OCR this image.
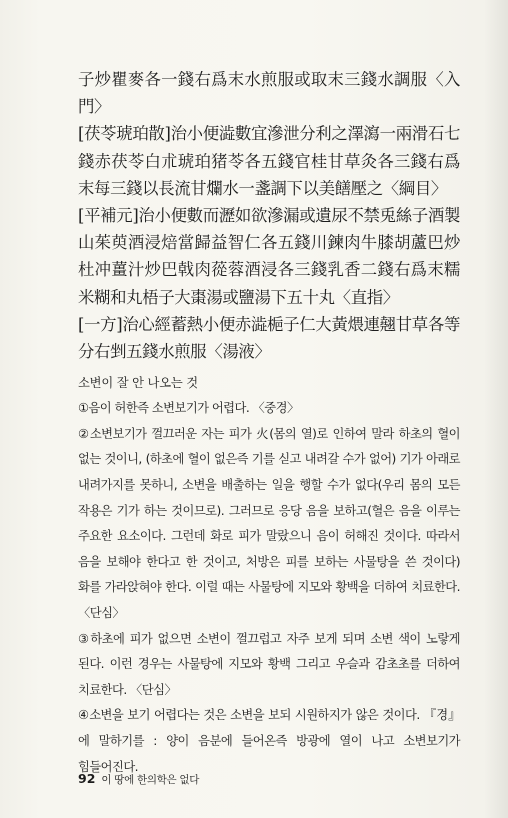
子炒瞿麥各一錢右爲末水煎服或取末三錢水調服〈入門〉

[茯苓琥珀散]治小便澁數宜滲泄分利之澤瀉一兩滑石七錢赤茯苓白朮琥珀猪苓各五錢官桂甘草灸各三錢右爲末每三錢以長流甘爛水一盞調下以美饍壓之〈綱目〉

[平補元]治小便數而瀝如欲滲漏或遺尿不禁兎絲子酒製山茱萸酒浸焙當歸益智仁各五錢川鍊肉牛膝胡蘆巴炒杜冲薑汁炒巴戟肉蓯蓉酒浸各三錢乳香二錢右爲末糯米糊和丸梧子大棗湯或鹽湯下五十丸〈直指〉

[一方]治心經蓄熱小便赤澁梔子仁大黃煨連翹甘草各等分右剉五錢水煎服〈湯液〉

소변이 잘 안 나오는 것

①음이 허한즉 소변보기가 어렵다. 〈중경〉

②소변보기가 껄끄러운 자는 피가 火(몸의 열)로 인하여 말라 하초의 혈이 없는 것이니, (하초에 혈이 없은즉 기를 싣고 내려갈 수가 없어) 기가 아래로 내려가지를 못하니, 소변을 배출하는 일을 행할 수가 없다(우리 몸의 모든 작용은 기가 하는 것이므로). 그러므로 응당 음을 보하고(혈은 음을 이루는 주요한 요소이다. 그런데 화로 피가 말랐으니 음이 허해진 것이다. 따라서 음을 보해야 한다고 한 것이고, 처방은 피를 보하는 사물탕을 쓴 것이다) 화를 가라앉혀야 한다. 이럴 때는 사물탕에 지모와 황백을 더하여 치료한다. 〈단심〉

③하초에 피가 없으면 소변이 껄끄럽고 자주 보게 되며 소변 색이 노랗게 된다. 이런 경우는 사물탕에 지모와 황백 그리고 우슬과 감초초를 더하여 치료한다. 〈단심〉

④소변을 보기 어렵다는 것은 소변을 보되 시원하지가 않은 것이다. 『경』에 말하기를 : 양이 음분에 들어온즉 방광에 열이 나고 소변보기가 힘들어진다.

92 이 땅에 한의학은 없다
